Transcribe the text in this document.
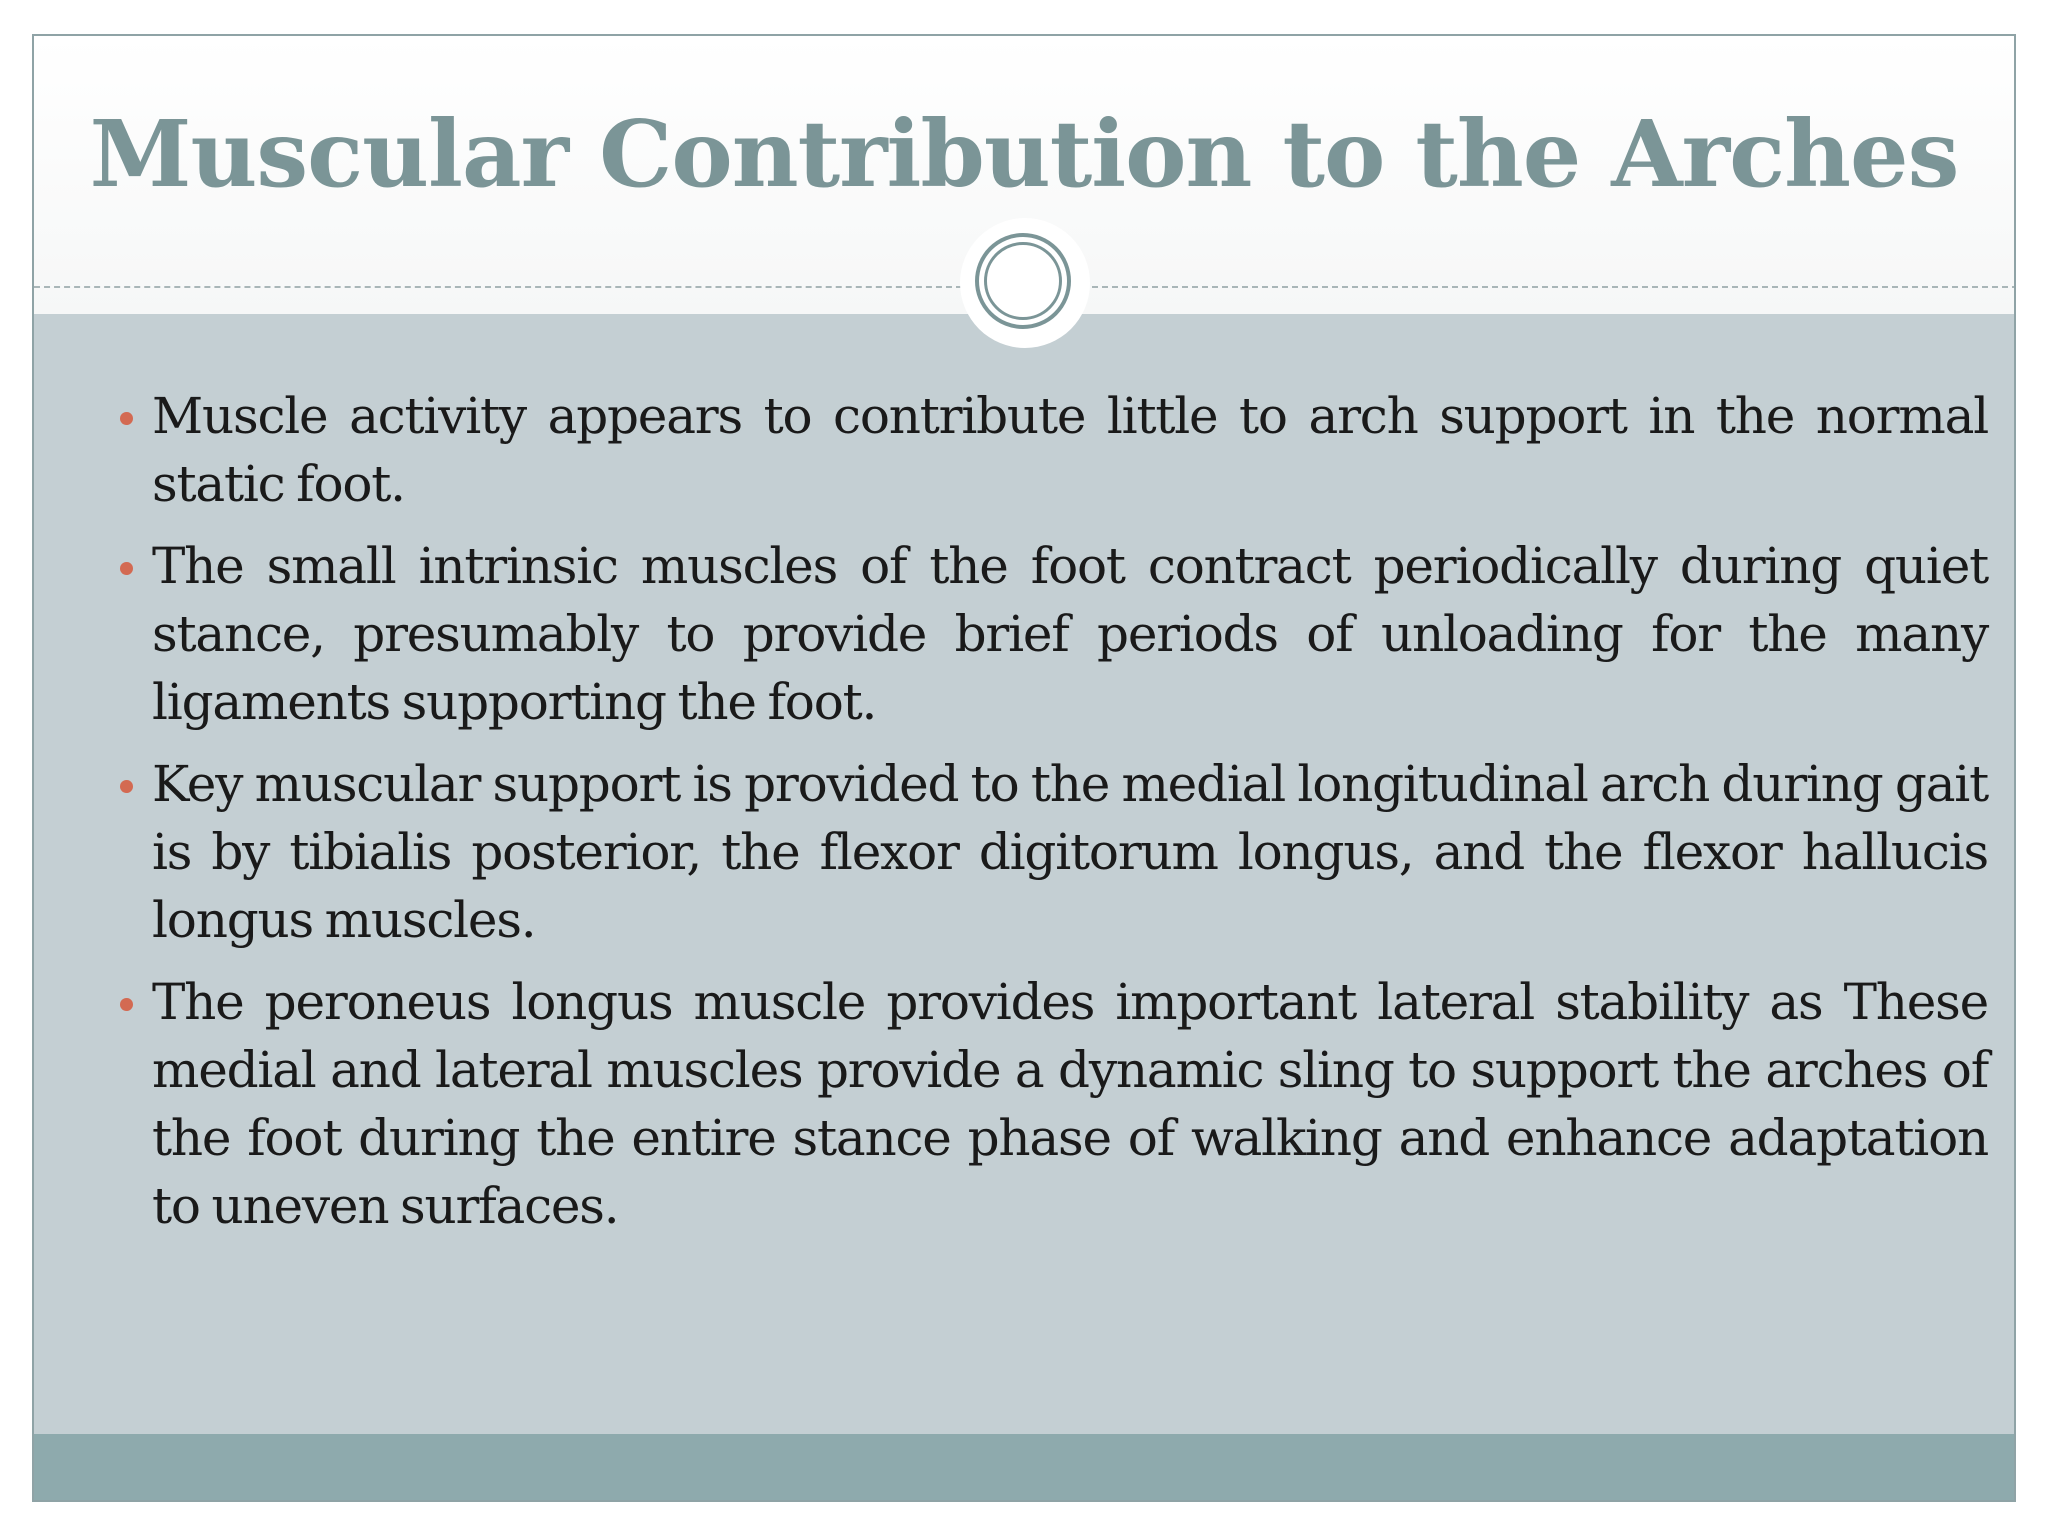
Muscular Contribution to the Arches
Muscle activity appears to contribute little to arch support in the normal static foot.
The small intrinsic muscles of the foot contract periodically during quiet stance, presumably to provide brief periods of unloading for the many ligaments supporting the foot.
Key muscular support is provided to the medial longitudinal arch during gait is by tibialis posterior, the flexor digitorum longus, and the flexor hallucis longus muscles.
The peroneus longus muscle provides important lateral stability as These medial and lateral muscles provide a dynamic sling to support the arches of the foot during the entire stance phase of walking and enhance adaptation to uneven surfaces.
